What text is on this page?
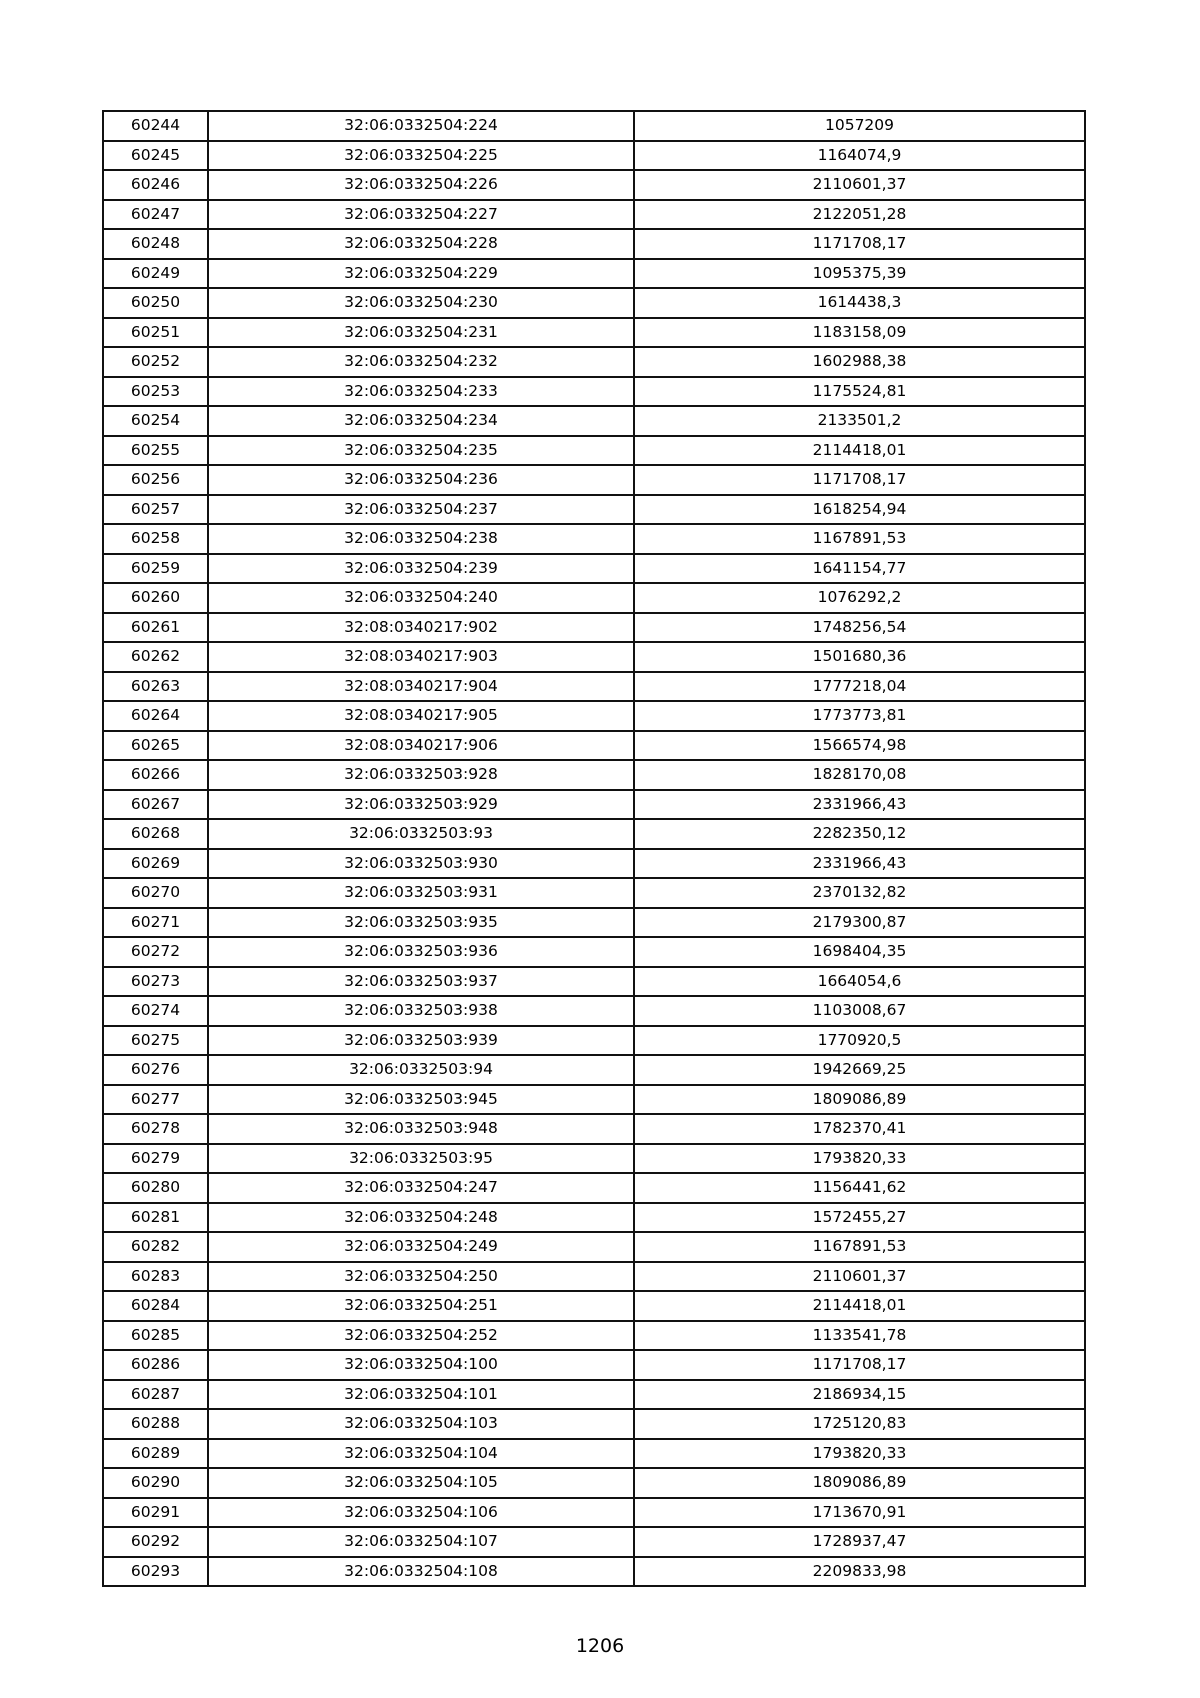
60244	32:06:0332504:224	1057209
60245	32:06:0332504:225	1164074,9
60246	32:06:0332504:226	2110601,37
60247	32:06:0332504:227	2122051,28
60248	32:06:0332504:228	1171708,17
60249	32:06:0332504:229	1095375,39
60250	32:06:0332504:230	1614438,3
60251	32:06:0332504:231	1183158,09
60252	32:06:0332504:232	1602988,38
60253	32:06:0332504:233	1175524,81
60254	32:06:0332504:234	2133501,2
60255	32:06:0332504:235	2114418,01
60256	32:06:0332504:236	1171708,17
60257	32:06:0332504:237	1618254,94
60258	32:06:0332504:238	1167891,53
60259	32:06:0332504:239	1641154,77
60260	32:06:0332504:240	1076292,2
60261	32:08:0340217:902	1748256,54
60262	32:08:0340217:903	1501680,36
60263	32:08:0340217:904	1777218,04
60264	32:08:0340217:905	1773773,81
60265	32:08:0340217:906	1566574,98
60266	32:06:0332503:928	1828170,08
60267	32:06:0332503:929	2331966,43
60268	32:06:0332503:93	2282350,12
60269	32:06:0332503:930	2331966,43
60270	32:06:0332503:931	2370132,82
60271	32:06:0332503:935	2179300,87
60272	32:06:0332503:936	1698404,35
60273	32:06:0332503:937	1664054,6
60274	32:06:0332503:938	1103008,67
60275	32:06:0332503:939	1770920,5
60276	32:06:0332503:94	1942669,25
60277	32:06:0332503:945	1809086,89
60278	32:06:0332503:948	1782370,41
60279	32:06:0332503:95	1793820,33
60280	32:06:0332504:247	1156441,62
60281	32:06:0332504:248	1572455,27
60282	32:06:0332504:249	1167891,53
60283	32:06:0332504:250	2110601,37
60284	32:06:0332504:251	2114418,01
60285	32:06:0332504:252	1133541,78
60286	32:06:0332504:100	1171708,17
60287	32:06:0332504:101	2186934,15
60288	32:06:0332504:103	1725120,83
60289	32:06:0332504:104	1793820,33
60290	32:06:0332504:105	1809086,89
60291	32:06:0332504:106	1713670,91
60292	32:06:0332504:107	1728937,47
60293	32:06:0332504:108	2209833,98
1206
